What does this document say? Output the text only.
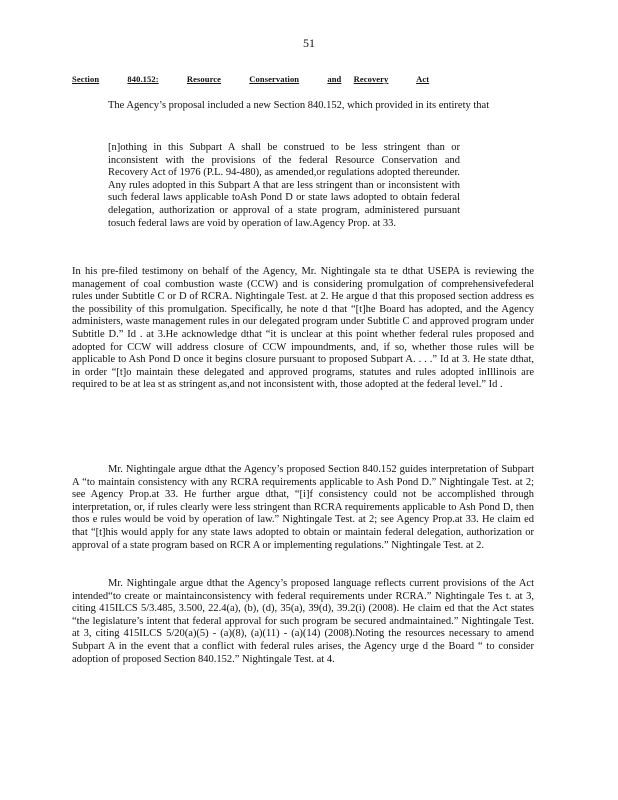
51
Section	840.152:	Resource	Conservation	and Recovery	Act

The Agency’s proposal included a new Section 840.152, which provided in its entirety that

[n]othing in this Subpart A shall be construed to be less stringent than or inconsistent with the provisions of the federal Resource Conservation and Recovery Act of 1976 (P.L. 94-480), as amended,or regulations adopted thereunder. Any rules adopted in this Subpart A that are less stringent than or inconsistent with such federal laws applicable toAsh Pond D or state laws adopted to obtain federal delegation, authorization or approval of a state program, administered pursuant tosuch federal laws are void by operation of law.Agency Prop. at 33.

In his pre-filed testimony on behalf of the Agency, Mr. Nightingale sta te dthat USEPA is reviewing the management of coal combustion waste (CCW) and is considering promulgation of comprehensivefederal rules under Subtitle C or D of RCRA. Nightingale Test. at 2. He argue d that this proposed section address es the possibility of this promulgation. Specifically, he note d that “[t]he Board has adopted, and the Agency administers, waste management rules in our delegated program under Subtitle C and approved program under Subtitle D.” Id . at 3.He acknowledge dthat “it is unclear at this point whether federal rules proposed and adopted for CCW will address closure of CCW impoundments, and, if so, whether those rules will be applicable to Ash Pond D once it begins closure pursuant to proposed Subpart A. . . .” Id at 3. He state dthat, in order “[t]o maintain these delegated and approved programs, statutes and rules adopted inIllinois are required to be at lea st as stringent as,and not inconsistent with, those adopted at the federal level.” Id .

Mr. Nightingale argue dthat the Agency’s proposed Section 840.152 guides interpretation of Subpart A “to maintain consistency with any RCRA requirements applicable to Ash Pond D.” Nightingale Test. at 2; see Agency Prop.at 33. He further argue dthat, “[i]f consistency could not be accomplished through interpretation, or, if rules clearly were less stringent than RCRA requirements applicable to Ash Pond D, then thos e rules would be void by operation of law.” Nightingale Test. at 2; see Agency Prop.at 33. He claim ed that “[t]his would apply for any state laws adopted to obtain or maintain federal delegation, authorization or approval of a state program based on RCR A or implementing regulations.” Nightingale Test. at 2.

Mr. Nightingale argue dthat the Agency’s proposed language reflects current provisions of the Act intended“to create or maintainconsistency with federal requirements under RCRA.” Nightingale Tes t. at 3, citing 415ILCS 5/3.485, 3.500, 22.4(a), (b), (d), 35(a), 39(d), 39.2(i) (2008). He claim ed that the Act states “the legislature’s intent that federal approval for such program be secured andmaintained.” Nightingale Test. at 3, citing 415ILCS 5/20(a)(5) - (a)(8), (a)(11) - (a)(14) (2008).Noting the resources necessary to amend Subpart A in the event that a conflict with federal rules arises, the Agency urge d the Board “ to consider adoption of proposed Section 840.152.” Nightingale Test. at 4.
